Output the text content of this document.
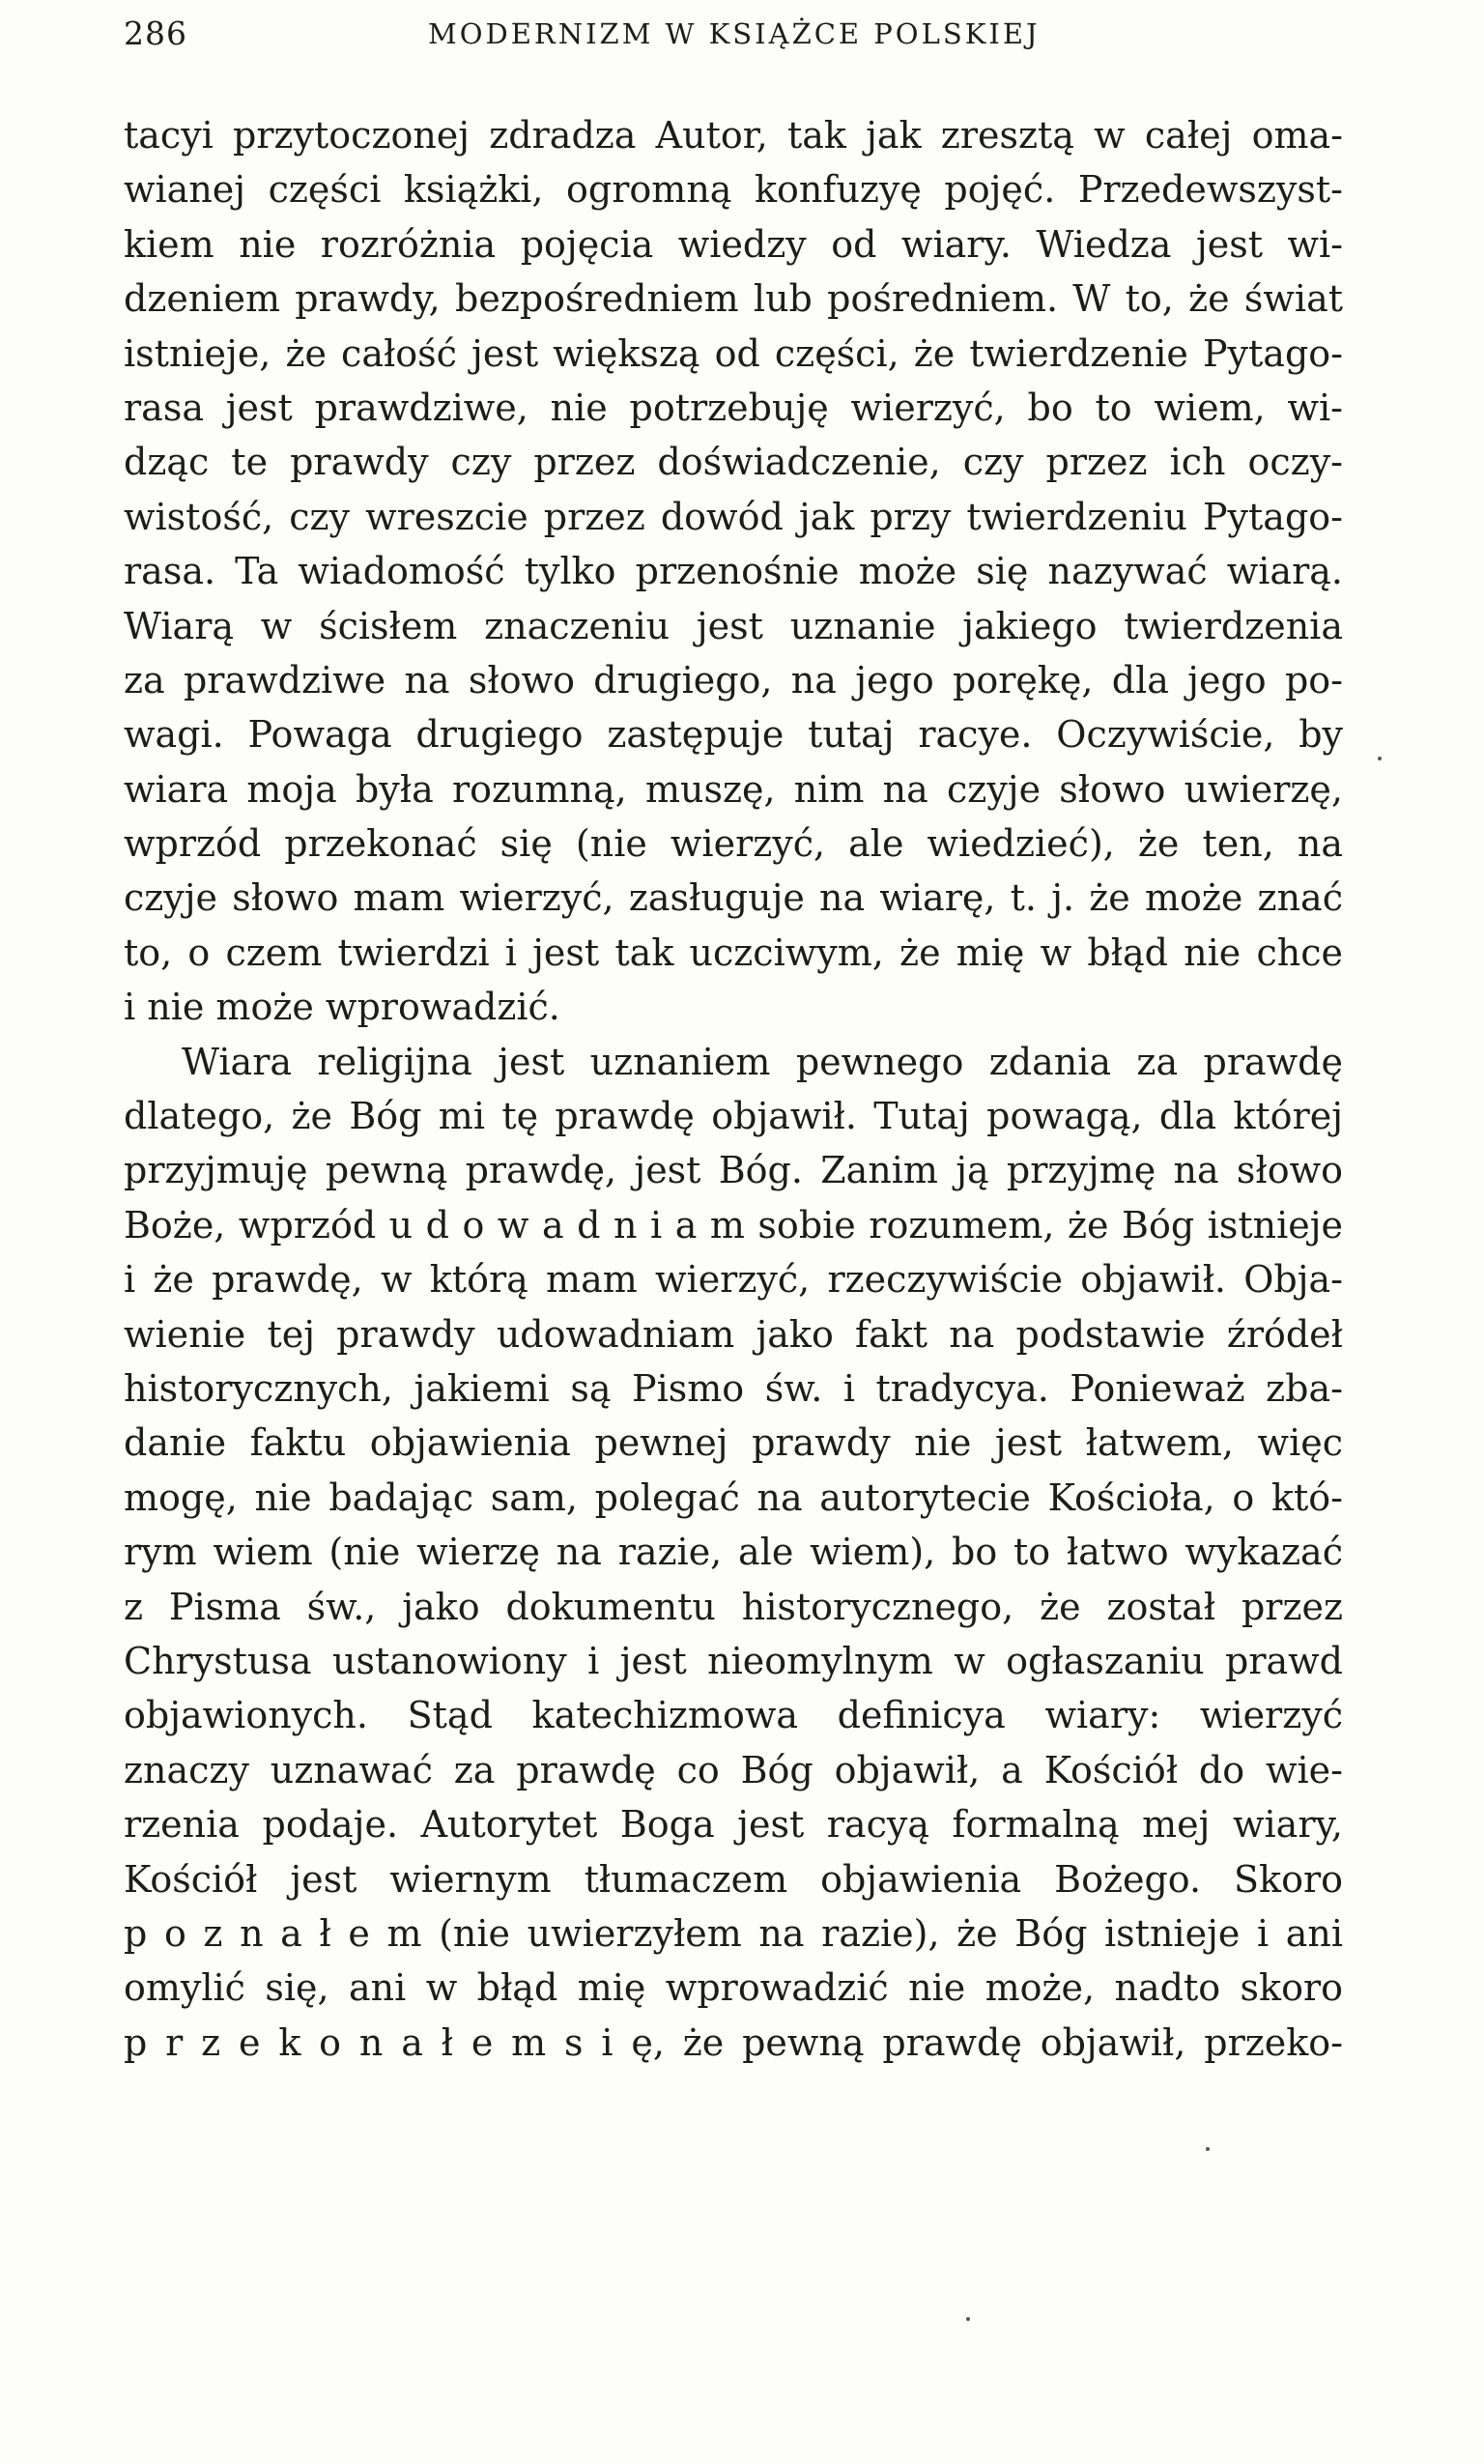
286	MODERNIZM W KSIĄŻCE POLSKIEJ
tacyi przytoczonej zdradza Autor, tak jak zresztą w całej oma-
wianej części książki, ogromną konfuzyę pojęć. Przedewszyst-
kiem nie rozróżnia pojęcia wiedzy od wiary. Wiedza jest wi-
dzeniem prawdy, bezpośredniem lub pośredniem. W to, że świat
istnieje, że całość jest większą od części, że twierdzenie Pytago-
rasa jest prawdziwe, nie potrzebuję wierzyć, bo to wiem, wi-
dząc te prawdy czy przez doświadczenie, czy przez ich oczy-
wistość, czy wreszcie przez dowód jak przy twierdzeniu Pytago-
rasa. Ta wiadomość tylko przenośnie może się nazywać wiarą.
Wiarą w ścisłem znaczeniu jest uznanie jakiego twierdzenia
za prawdziwe na słowo drugiego, na jego porękę, dla jego po-
wagi. Powaga drugiego zastępuje tutaj racye. Oczywiście, by
wiara moja była rozumną, muszę, nim na czyje słowo uwierzę,
wprzód przekonać się (nie wierzyć, ale wiedzieć), że ten, na
czyje słowo mam wierzyć, zasługuje na wiarę, t. j. że może znać
to, o czem twierdzi i jest tak uczciwym, że mię w błąd nie chce
i nie może wprowadzić.
Wiara religijna jest uznaniem pewnego zdania za prawdę
dlatego, że Bóg mi tę prawdę objawił. Tutaj powagą, dla której
przyjmuję pewną prawdę, jest Bóg. Zanim ją przyjmę na słowo
Boże, wprzód u d o w a d n i a m sobie rozumem, że Bóg istnieje
i że prawdę, w którą mam wierzyć, rzeczywiście objawił. Obja-
wienie tej prawdy udowadniam jako fakt na podstawie źródeł
historycznych, jakiemi są Pismo św. i tradycya. Ponieważ zba-
danie faktu objawienia pewnej prawdy nie jest łatwem, więc
mogę, nie badając sam, polegać na autorytecie Kościoła, o któ-
rym wiem (nie wierzę na razie, ale wiem), bo to łatwo wykazać
z Pisma św., jako dokumentu historycznego, że został przez
Chrystusa ustanowiony i jest nieomylnym w ogłaszaniu prawd
objawionych. Stąd katechizmowa definicya wiary: wierzyć
znaczy uznawać za prawdę co Bóg objawił, a Kościół do wie-
rzenia podaje. Autorytet Boga jest racyą formalną mej wiary,
Kościół jest wiernym tłumaczem objawienia Bożego. Skoro
p o z n a ł e m (nie uwierzyłem na razie), że Bóg istnieje i ani
omylić się, ani w błąd mię wprowadzić nie może, nadto skoro
p r z e k o n a ł e m s i ę, że pewną prawdę objawił, przeko-
